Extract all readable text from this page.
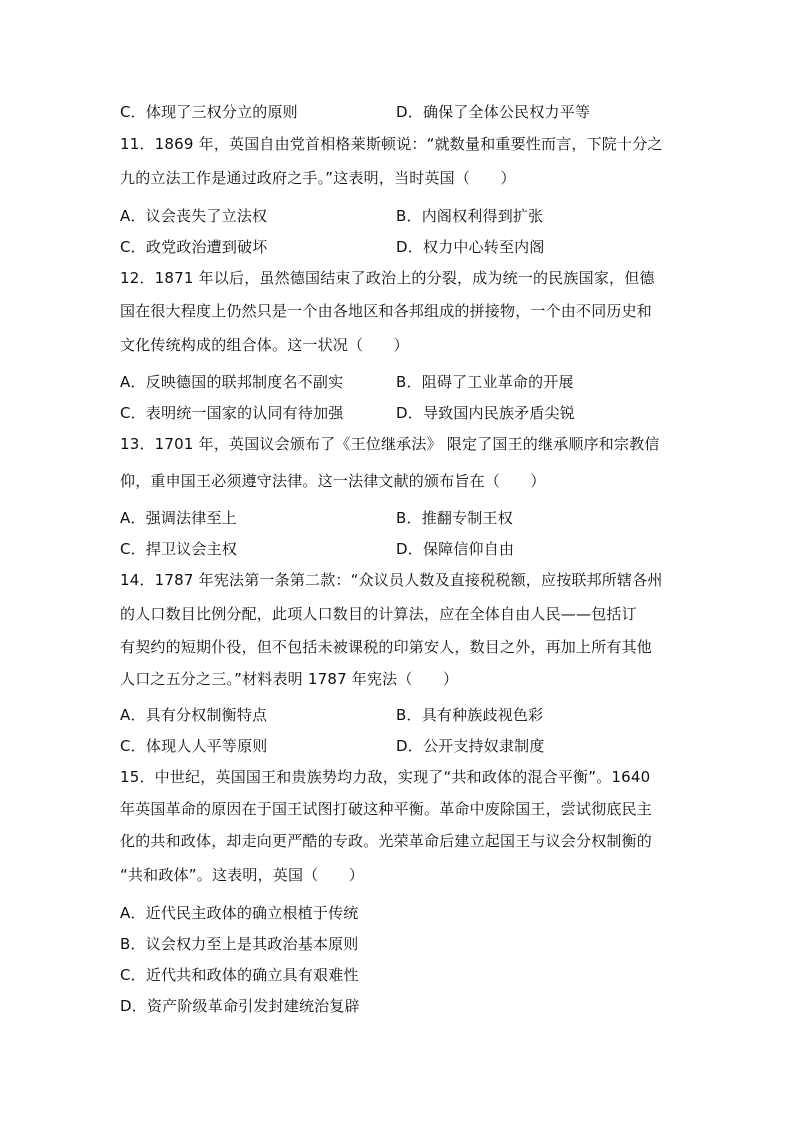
C．体现了三权分立的原则	D．确保了全体公民权力平等
11．1869 年，英国自由党首相格莱斯顿说：“就数量和重要性而言，下院十分之
九的立法工作是通过政府之手。”这表明，当时英国（　　）
A．议会丧失了立法权	B．内阁权利得到扩张
C．政党政治遭到破坏	D．权力中心转至内阁
12．1871 年以后，虽然德国结束了政治上的分裂，成为统一的民族国家，但德
国在很大程度上仍然只是一个由各地区和各邦组成的拼接物，一个由不同历史和
文化传统构成的组合体。这一状况（　　）
A．反映德国的联邦制度名不副实	B．阻碍了工业革命的开展
C．表明统一国家的认同有待加强	D．导致国内民族矛盾尖锐
13．1701 年，英国议会颁布了《王位继承法》 限定了国王的继承顺序和宗教信
仰，重申国王必须遵守法律。这一法律文献的颁布旨在（　　）
A．强调法律至上	B．推翻专制王权
C．捍卫议会主权	D．保障信仰自由
14．1787 年宪法第一条第二款：“众议员人数及直接税税额，应按联邦所辖各州
的人口数目比例分配，此项人口数目的计算法，应在全体自由人民——包括订
有契约的短期仆役，但不包括未被课税的印第安人，数目之外，再加上所有其他
人口之五分之三。”材料表明 1787 年宪法（　　）
A．具有分权制衡特点	B．具有种族歧视色彩
C．体现人人平等原则	D．公开支持奴隶制度
15．中世纪，英国国王和贵族势均力敌，实现了“共和政体的混合平衡”。1640
年英国革命的原因在于国王试图打破这种平衡。革命中废除国王，尝试彻底民主
化的共和政体，却走向更严酷的专政。光荣革命后建立起国王与议会分权制衡的
“共和政体”。这表明，英国（　　）
A．近代民主政体的确立根植于传统
B．议会权力至上是其政治基本原则
C．近代共和政体的确立具有艰难性
D．资产阶级革命引发封建统治复辟
